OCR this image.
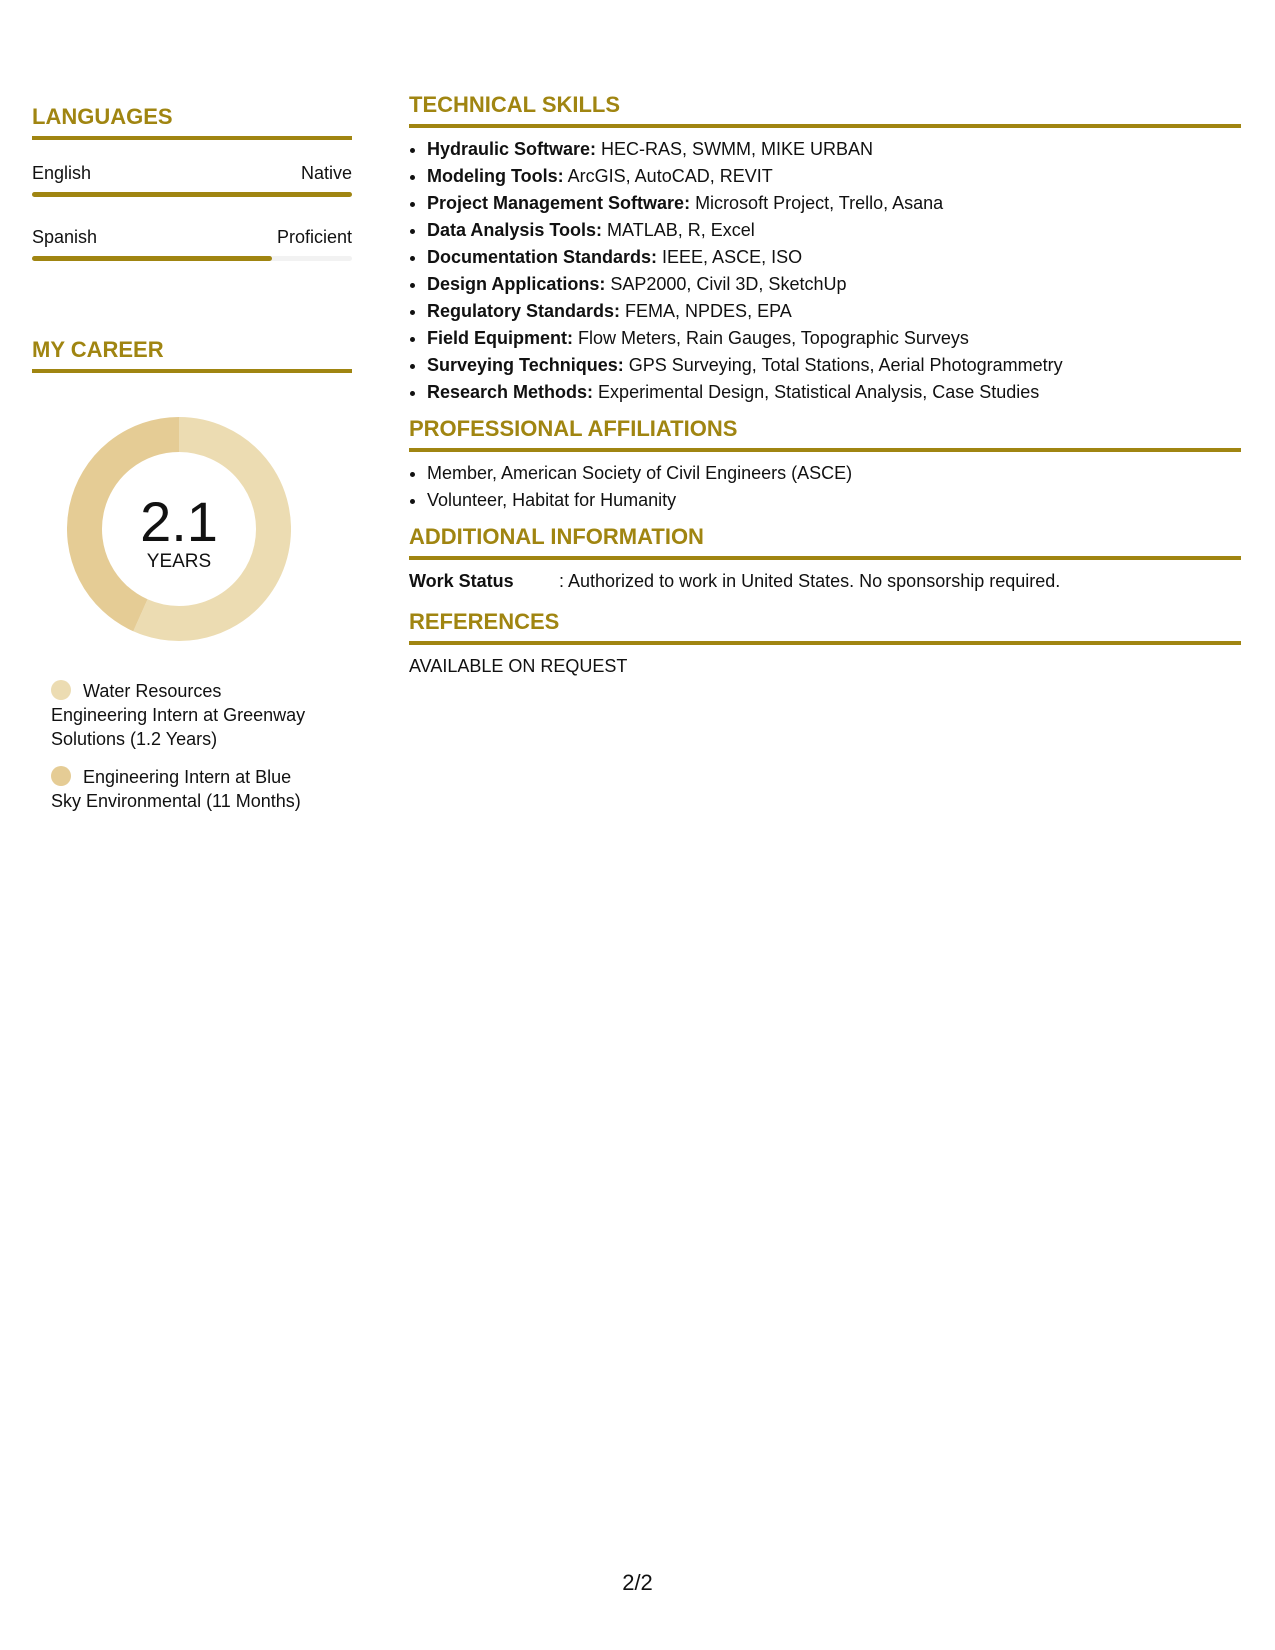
LANGUAGES
English	Native
Spanish	Proficient
MY CAREER
2.1
YEARS
Water Resources Engineering Intern at Greenway Solutions (1.2 Years)
Engineering Intern at Blue Sky Environmental (11 Months)
TECHNICAL SKILLS
• Hydraulic Software: HEC-RAS, SWMM, MIKE URBAN
• Modeling Tools: ArcGIS, AutoCAD, REVIT
• Project Management Software: Microsoft Project, Trello, Asana
• Data Analysis Tools: MATLAB, R, Excel
• Documentation Standards: IEEE, ASCE, ISO
• Design Applications: SAP2000, Civil 3D, SketchUp
• Regulatory Standards: FEMA, NPDES, EPA
• Field Equipment: Flow Meters, Rain Gauges, Topographic Surveys
• Surveying Techniques: GPS Surveying, Total Stations, Aerial Photogrammetry
• Research Methods: Experimental Design, Statistical Analysis, Case Studies
PROFESSIONAL AFFILIATIONS
• Member, American Society of Civil Engineers (ASCE)
• Volunteer, Habitat for Humanity
ADDITIONAL INFORMATION
Work Status	: Authorized to work in United States. No sponsorship required.
REFERENCES
AVAILABLE ON REQUEST
2/2
